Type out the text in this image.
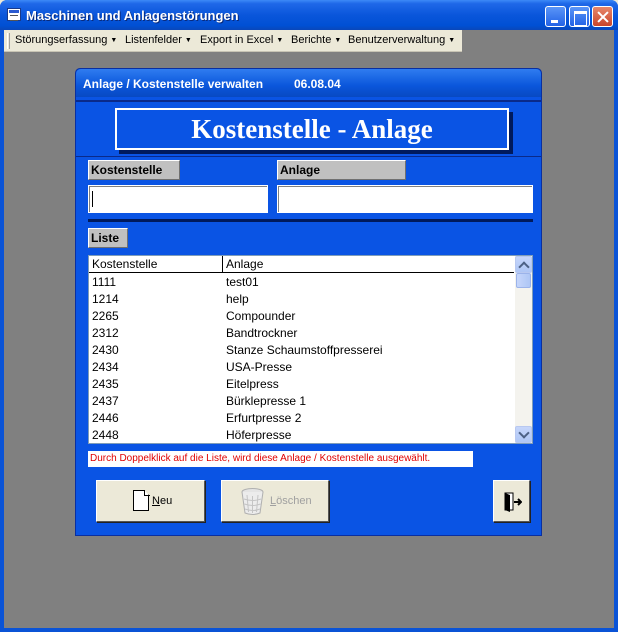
Maschinen und Anlagenstörungen
Störungserfassung ▼ Listenfelder ▼ Export in Excel ▼ Berichte ▼ Benutzerverwaltung ▼
Anlage / Kostenstelle verwalten	06.08.04
Kostenstelle - Anlage
Kostenstelle	Anlage
Liste
Kostenstelle	Anlage
1111	test01
1214	help
2265	Compounder
2312	Bandtrockner
2430	Stanze Schaumstoffpresserei
2434	USA-Presse
2435	Eitelpress
2437	Bürklepresse 1
2446	Erfurtpresse 2
2448	Höferpresse
Durch Doppelklick auf die Liste, wird diese Anlage / Kostenstelle ausgewählt.
Neu	Löschen
